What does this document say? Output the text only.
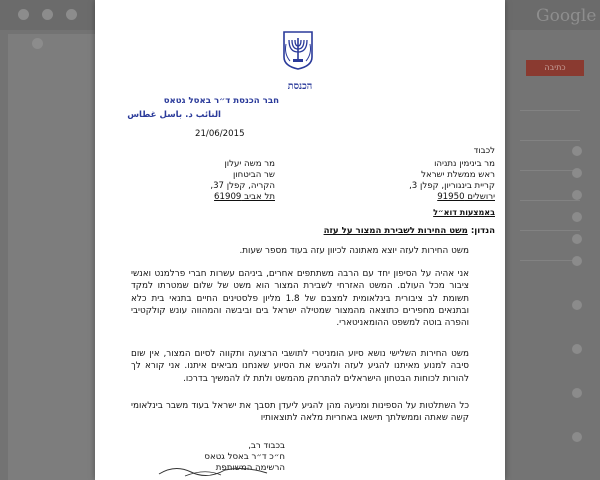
Google
כתיבה
הכנסת
חבר הכנסת ד״ר באסל גטאס
النائب د. باسل غطاس
21/06/2015
לכבוד
מר בינימין נתניהו
ראש ממשלת ישראל
קריית בינגוריון, קפלן 3,
ירושלים 91950
מר משה יעלון
שר הביטחון
הקריה, קפלן 37,
תל אביב 61909
באמצעות דוא״ל
הנדון: משט החירות לשבירת המצור על עזה
משט החירות לעזה יוצא מאתונה לכיוון עזה בעוד מספר שעות.
אני אהיה על הסיפון יחד עם הרבה משתתפים אחרים, ביניהם עשרות חברי פרלמנט ואנשי ציבור מכל העולם. המשט האזרחי לשבירת המצור הוא משט של שלום שמטרתו למקד תשומת לב ציבורית בינלאומית למצבם של 1.8 מליון פלסטינים החיים בתנאי בית כלא ובתנאים מחפירים כתוצאה מהמצור שמטילה ישראל בים וביבשה והמהווה עונש קולקטיבי והפרה בוטה למשפט ההומאניטארי.
משט החירות השלישי נושא סיוע הומניטרי לתושבי הרצועה ותקווה לסיום המצור, אין שום סיבה למנוע מאיתנו להגיע לעזה ולהגיש את הסיוע שאנחנו מביאים איתנו. אני קורא לך להורות לכוחות הבטחון הישראלים להתרחק מהמשט ולתת לו להמשיך בדרכו.
כל השתלטות על הספינות ומניעה מהן להגיע ליעדן תסבך את ישראל בעוד משבר בינלאומי קשה שאתה וממשלתך תישאו באחריות מלאה לתוצאותיו
בכבוד רב,
ח״כ ד״ר באסל גטאס
הרשימה המשותפת
